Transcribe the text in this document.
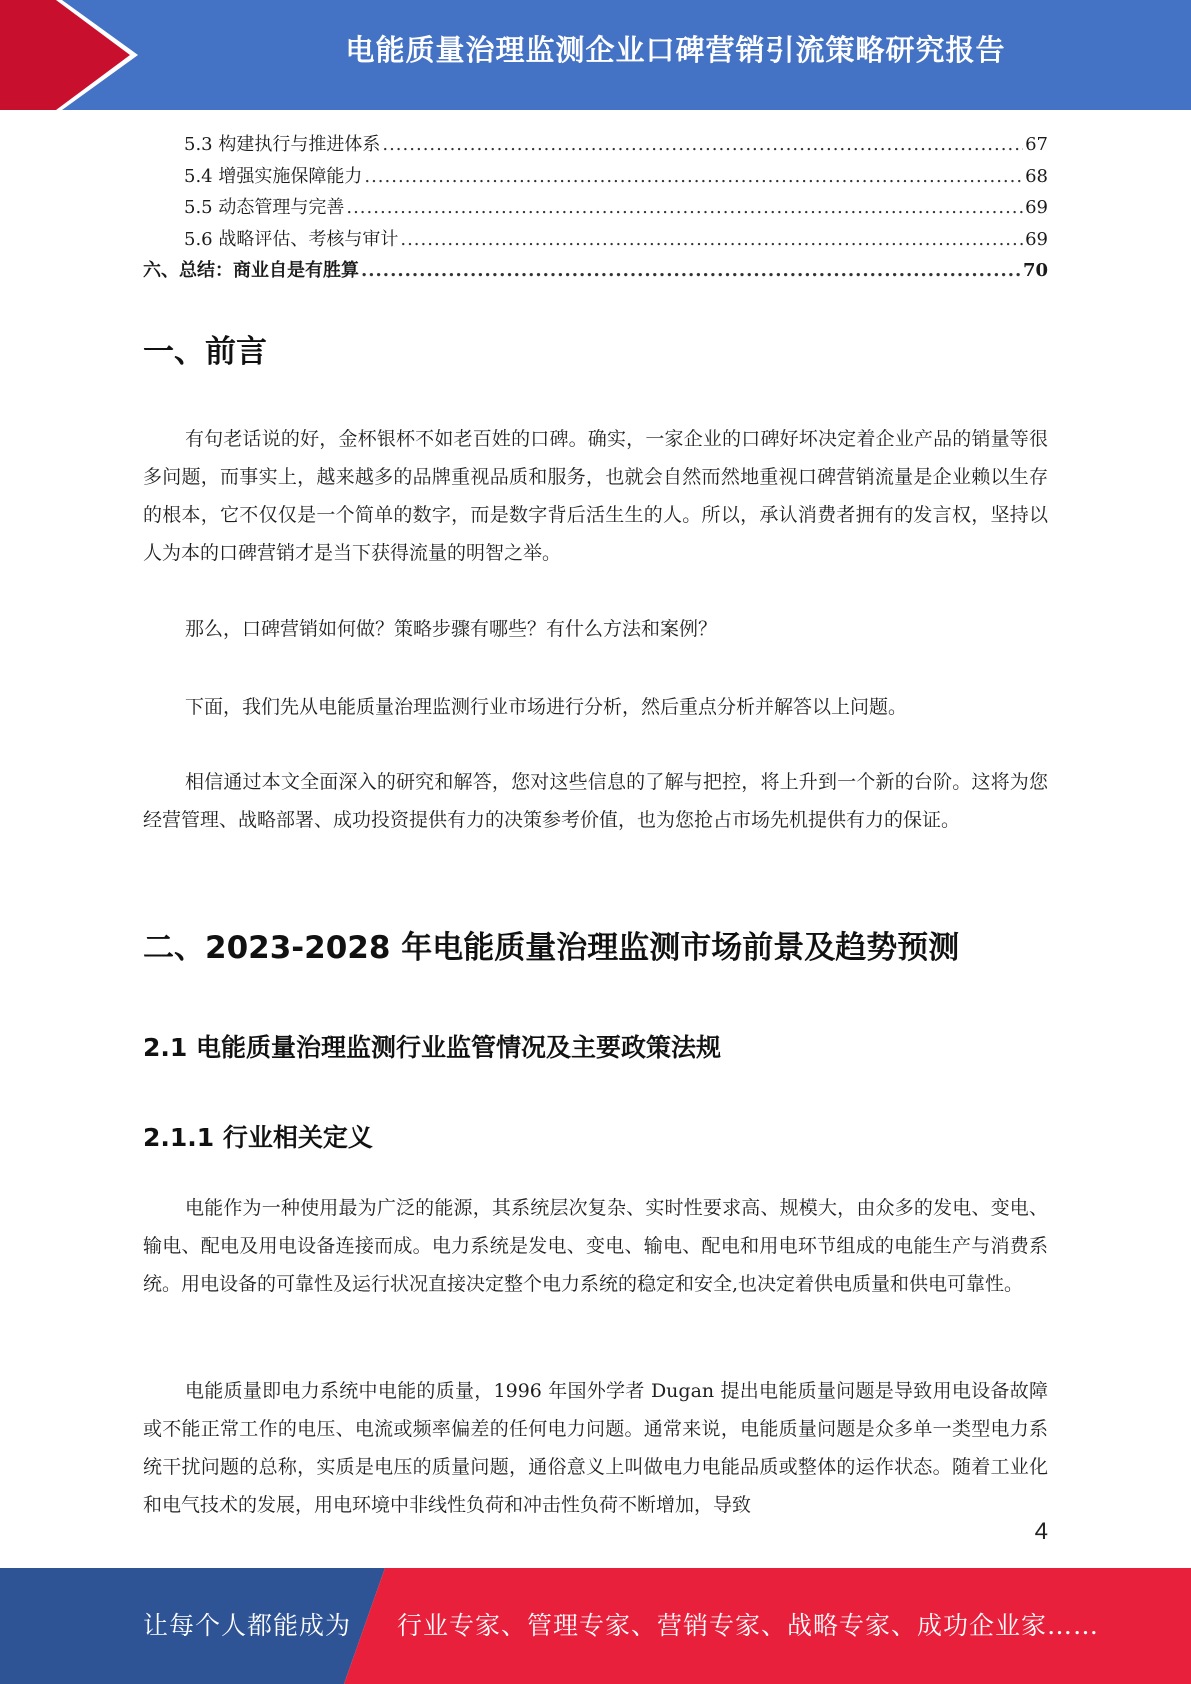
电能质量治理监测企业口碑营销引流策略研究报告
5.3 构建执行与推进体系 .....	67
5.4 增强实施保障能力 .....	68
5.5 动态管理与完善 .....	69
5.6 战略评估、考核与审计 .....	69
六、总结：商业自是有胜算 .....	70
一、前言

有句老话说的好，金杯银杯不如老百姓的口碑。确实，一家企业的口碑好坏决定着企业产品的销量等很多问题，而事实上，越来越多的品牌重视品质和服务，也就会自然而然地重视口碑营销流量是企业赖以生存的根本，它不仅仅是一个简单的数字，而是数字背后活生生的人。所以，承认消费者拥有的发言权，坚持以人为本的口碑营销才是当下获得流量的明智之举。

那么，口碑营销如何做？策略步骤有哪些？有什么方法和案例？

下面，我们先从电能质量治理监测行业市场进行分析，然后重点分析并解答以上问题。

相信通过本文全面深入的研究和解答，您对这些信息的了解与把控，将上升到一个新的台阶。这将为您经营管理、战略部署、成功投资提供有力的决策参考价值，也为您抢占市场先机提供有力的保证。

二、2023-2028 年电能质量治理监测市场前景及趋势预测
2.1 电能质量治理监测行业监管情况及主要政策法规
2.1.1 行业相关定义

电能作为一种使用最为广泛的能源，其系统层次复杂、实时性要求高、规模大，由众多的发电、变电、输电、配电及用电设备连接而成。电力系统是发电、变电、输电、配电和用电环节组成的电能生产与消费系统。用电设备的可靠性及运行状况直接决定整个电力系统的稳定和安全,也决定着供电质量和供电可靠性。

电能质量即电力系统中电能的质量，1996 年国外学者 Dugan 提出电能质量问题是导致用电设备故障或不能正常工作的电压、电流或频率偏差的任何电力问题。通常来说，电能质量问题是众多单一类型电力系统干扰问题的总称，实质是电压的质量问题，通俗意义上叫做电力电能品质或整体的运作状态。随着工业化和电气技术的发展，用电环境中非线性负荷和冲击性负荷不断增加，导致

4
让每个人都能成为 行业专家、管理专家、营销专家、战略专家、成功企业家……
